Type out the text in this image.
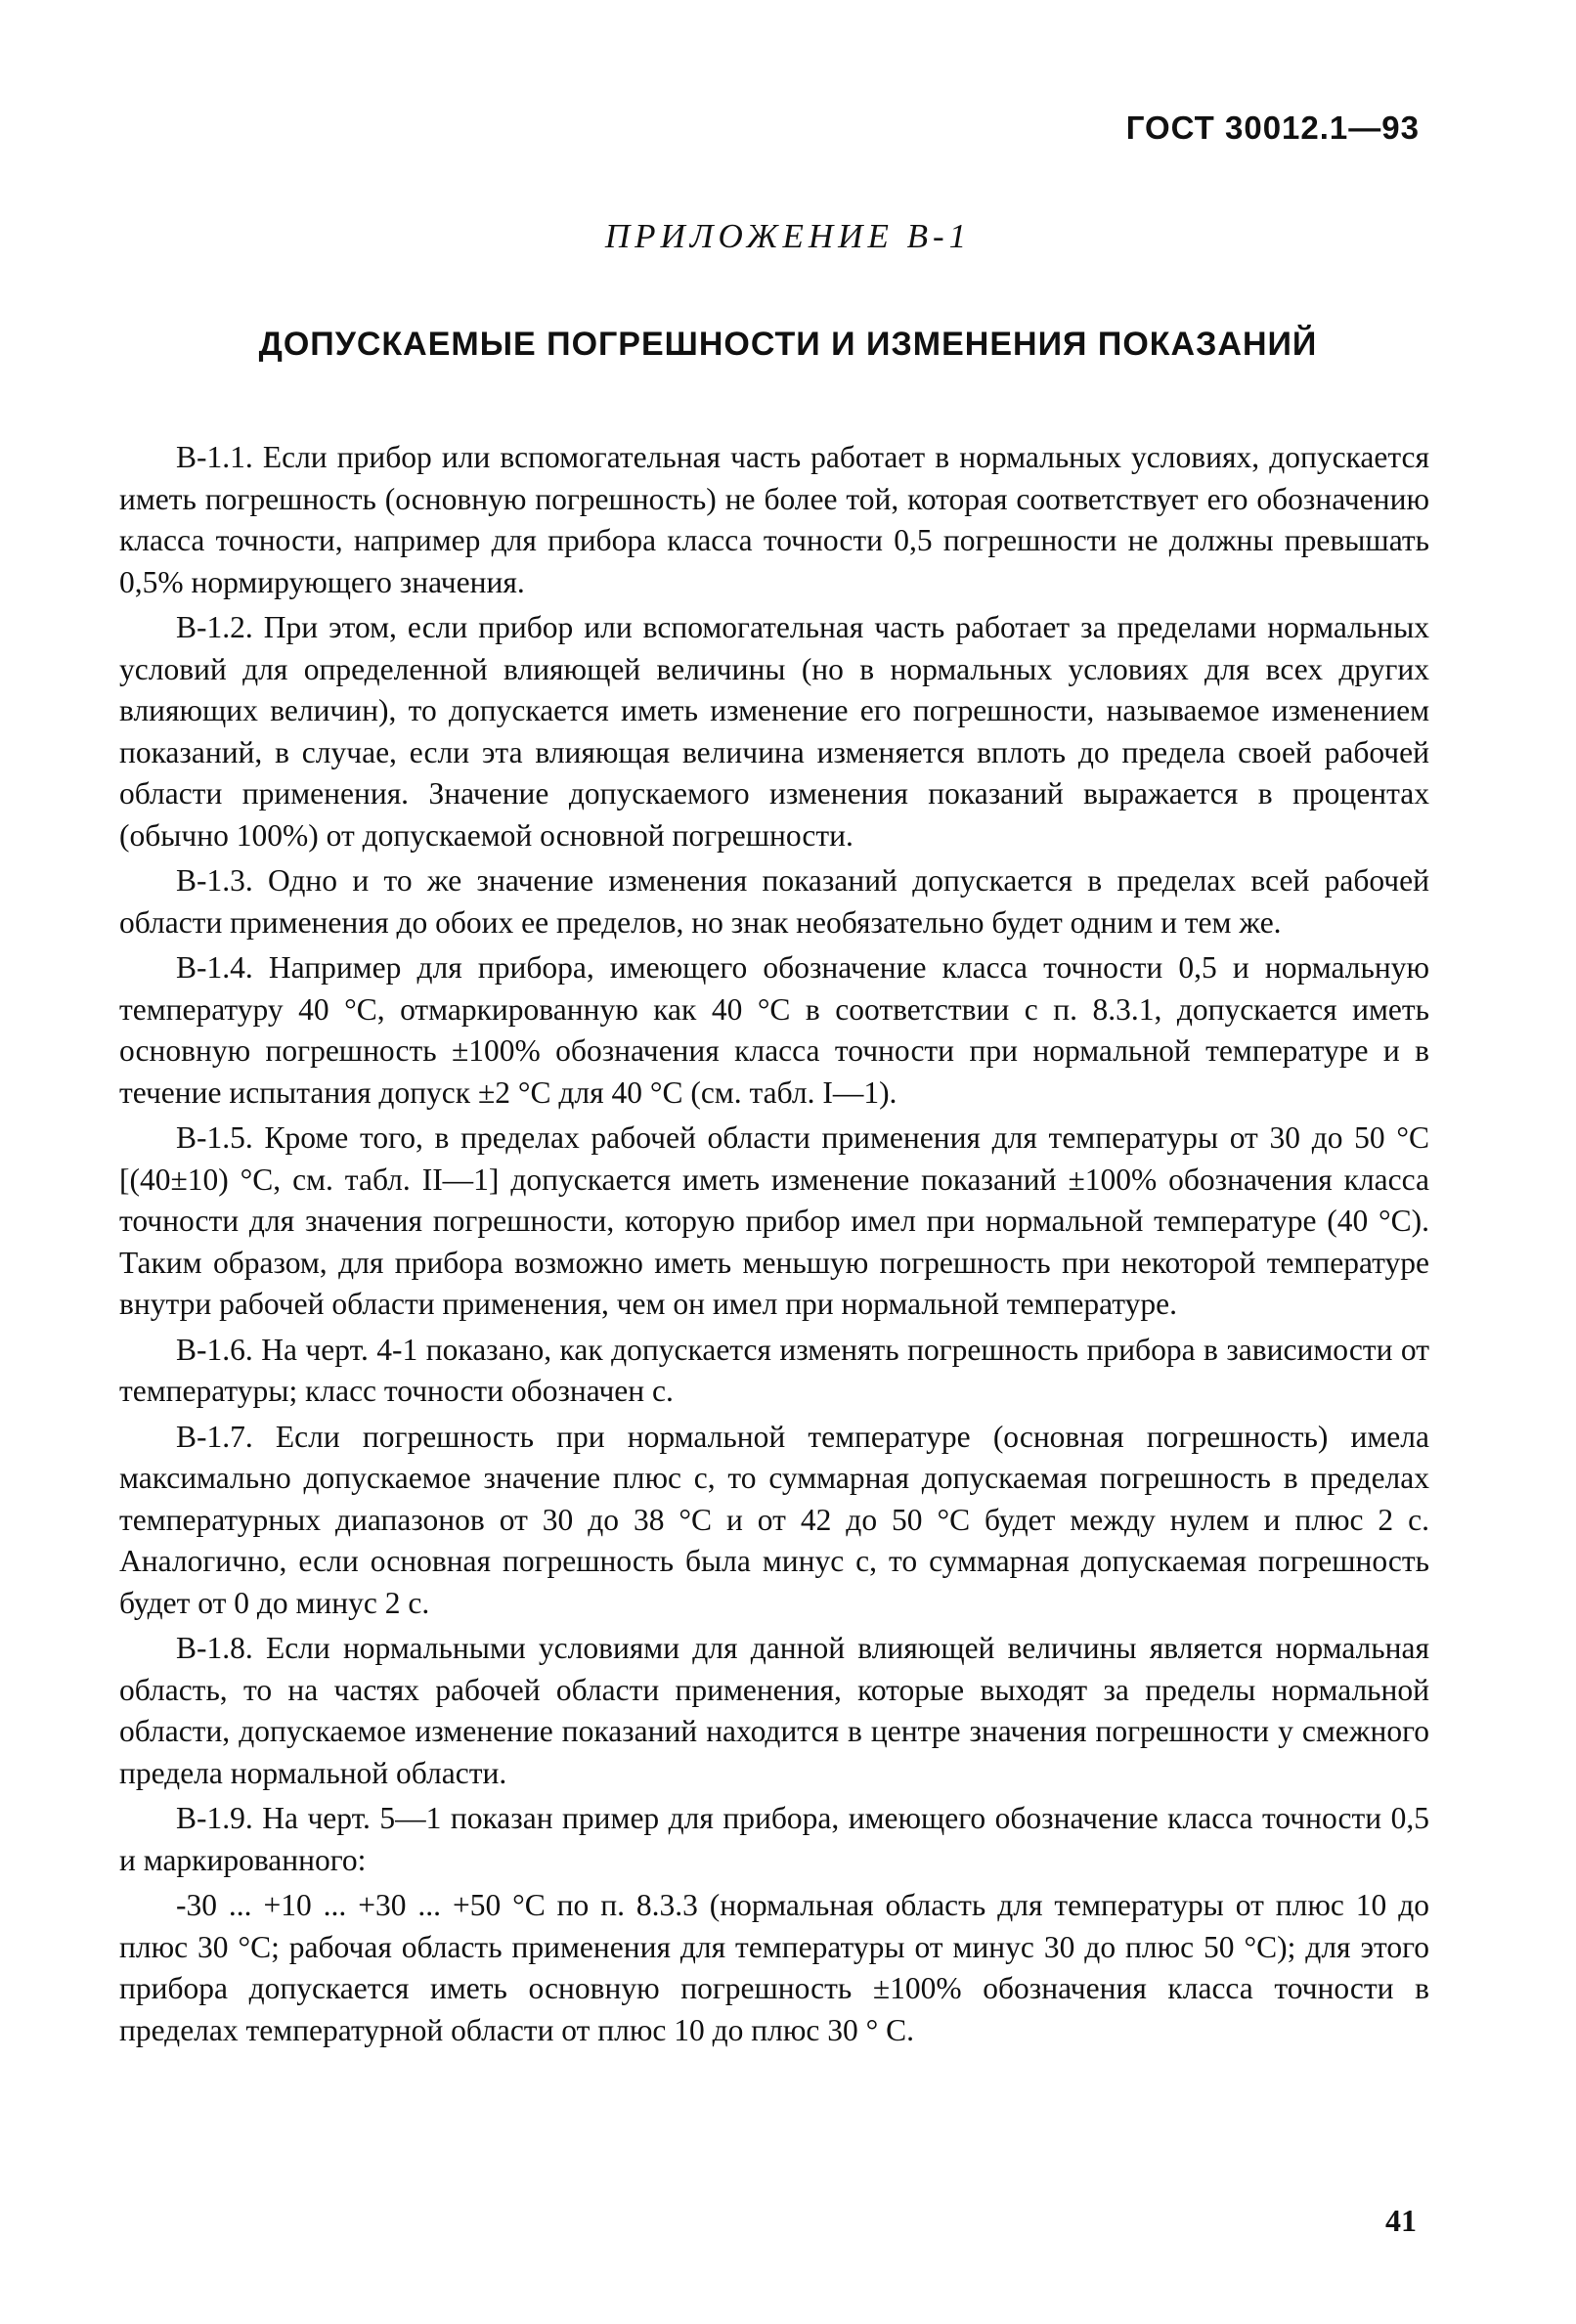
ГОСТ 30012.1—93
ПРИЛОЖЕНИЕ В-1
ДОПУСКАЕМЫЕ ПОГРЕШНОСТИ И ИЗМЕНЕНИЯ ПОКАЗАНИЙ

В-1.1. Если прибор или вспомогательная часть работает в нормальных условиях, допускается иметь погрешность (основную погрешность) не более той, которая соответствует его обозначению класса точности, например для прибора класса точности 0,5 погрешности не должны превышать 0,5% нормирующего значения.

В-1.2. При этом, если прибор или вспомогательная часть работает за пределами нормальных условий для определенной влияющей величины (но в нормальных условиях для всех других влияющих величин), то допускается иметь изменение его погрешности, называемое изменением показаний, в случае, если эта влияющая величина изменяется вплоть до предела своей рабочей области применения. Значение допускаемого изменения показаний выражается в процентах (обычно 100%) от допускаемой основной погрешности.

В-1.3. Одно и то же значение изменения показаний допускается в пределах всей рабочей области применения до обоих ее пределов, но знак необязательно будет одним и тем же.

В-1.4. Например для прибора, имеющего обозначение класса точности 0,5 и нормальную температуру 40 °С, отмаркированную как 40 °С в соответствии с п. 8.3.1, допускается иметь основную погрешность ±100% обозначения класса точности при нормальной температуре и в течение испытания допуск ±2 °С для 40 °С (см. табл. I—1).

В-1.5. Кроме того, в пределах рабочей области применения для температуры от 30 до 50 °С [(40±10) °С, см. табл. II—1] допускается иметь изменение показаний ±100% обозначения класса точности для значения погрешности, которую прибор имел при нормальной температуре (40 °С). Таким образом, для прибора возможно иметь меньшую погрешность при некоторой температуре внутри рабочей области применения, чем он имел при нормальной температуре.

В-1.6. На черт. 4-1 показано, как допускается изменять погрешность прибора в зависимости от температуры; класс точности обозначен с.

В-1.7. Если погрешность при нормальной температуре (основная погрешность) имела максимально допускаемое значение плюс с, то суммарная допускаемая погрешность в пределах температурных диапазонов от 30 до 38 °С и от 42 до 50 °С будет между нулем и плюс 2 с. Аналогично, если основная погрешность была минус с, то суммарная допускаемая погрешность будет от 0 до минус 2 с.

В-1.8. Если нормальными условиями для данной влияющей величины является нормальная область, то на частях рабочей области применения, которые выходят за пределы нормальной области, допускаемое изменение показаний находится в центре значения погрешности у смежного предела нормальной области.

В-1.9. На черт. 5—1 показан пример для прибора, имеющего обозначение класса точности 0,5 и маркированного:

-30 ... +10 ... +30 ... +50 °С по п. 8.3.3 (нормальная область для температуры от плюс 10 до плюс 30 °С; рабочая область применения для температуры от минус 30 до плюс 50 °С); для этого прибора допускается иметь основную погрешность ±100% обозначения класса точности в пределах температурной области от плюс 10 до плюс 30 ° С.

41
